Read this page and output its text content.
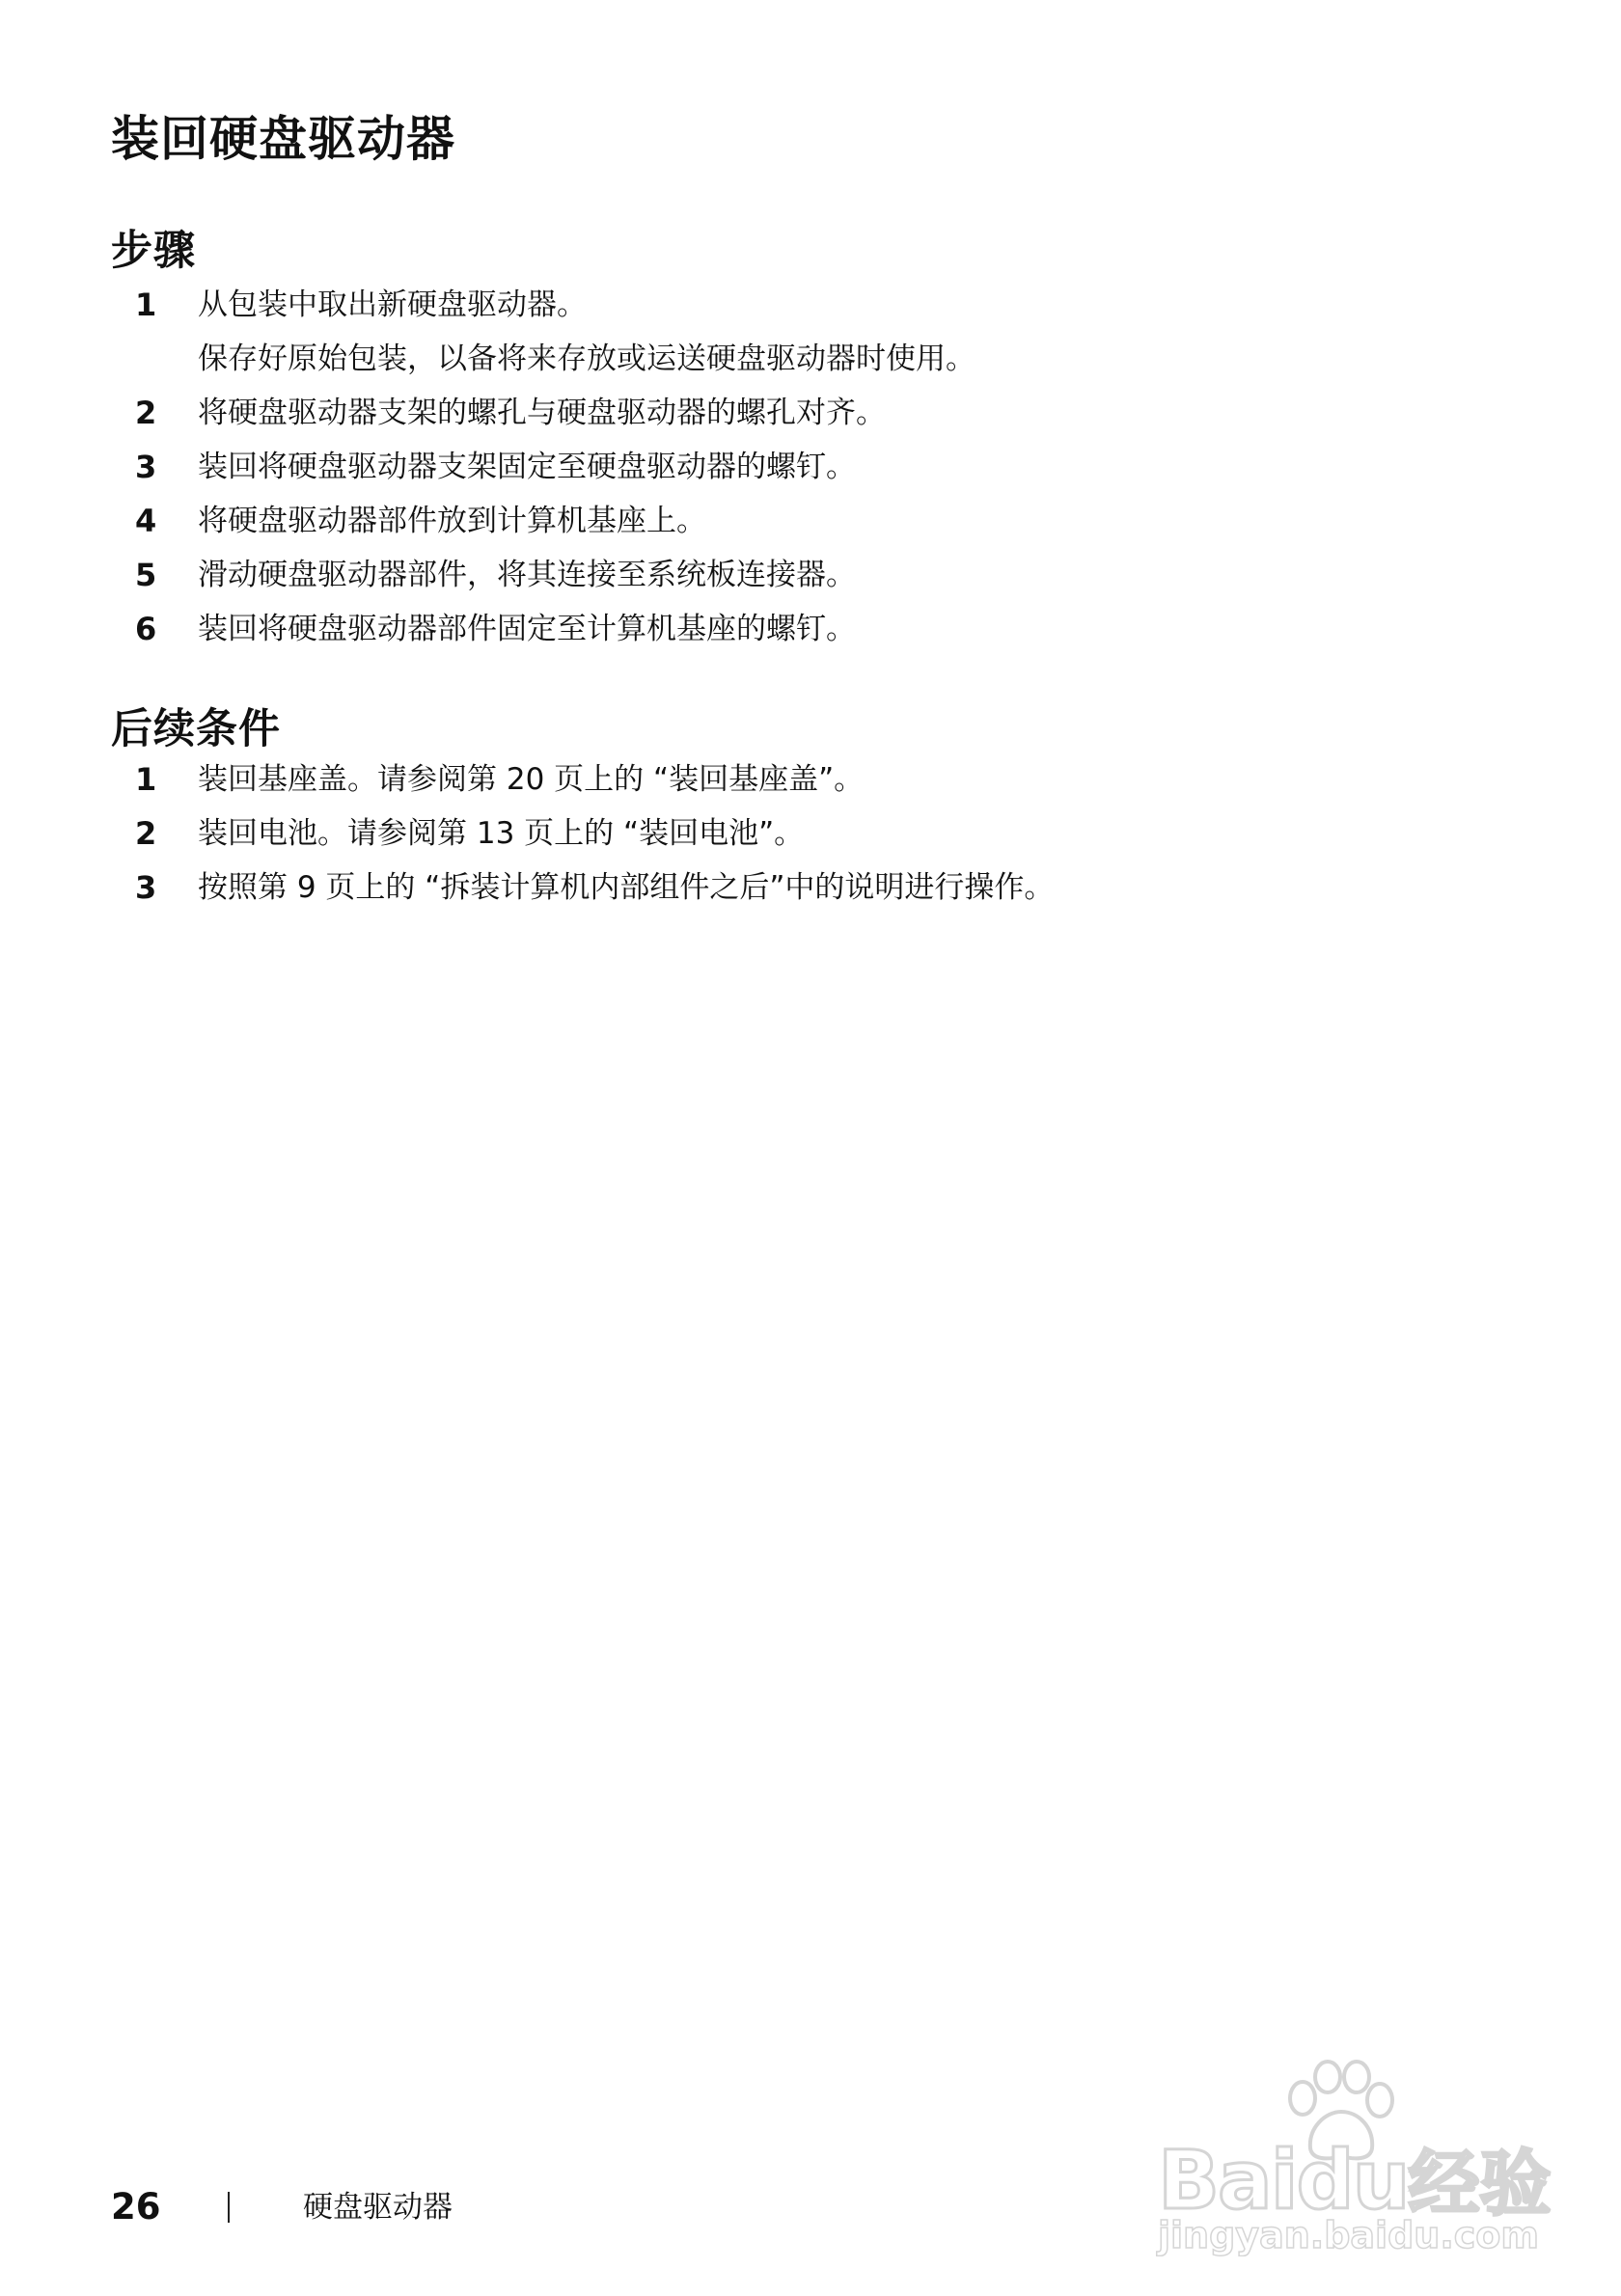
装回硬盘驱动器
步骤
1 从包装中取出新硬盘驱动器。
保存好原始包装，以备将来存放或运送硬盘驱动器时使用。
2 将硬盘驱动器支架的螺孔与硬盘驱动器的螺孔对齐。
3 装回将硬盘驱动器支架固定至硬盘驱动器的螺钉。
4 将硬盘驱动器部件放到计算机基座上。
5 滑动硬盘驱动器部件，将其连接至系统板连接器。
6 装回将硬盘驱动器部件固定至计算机基座的螺钉。
后续条件
1 装回基座盖。请参阅第 20 页上的 “装回基座盖”。
2 装回电池。请参阅第 13 页上的 “装回电池”。
3 按照第 9 页上的 “拆装计算机内部组件之后”中的说明进行操作。
26	硬盘驱动器	Baidu经验
jingyan.baidu.com
